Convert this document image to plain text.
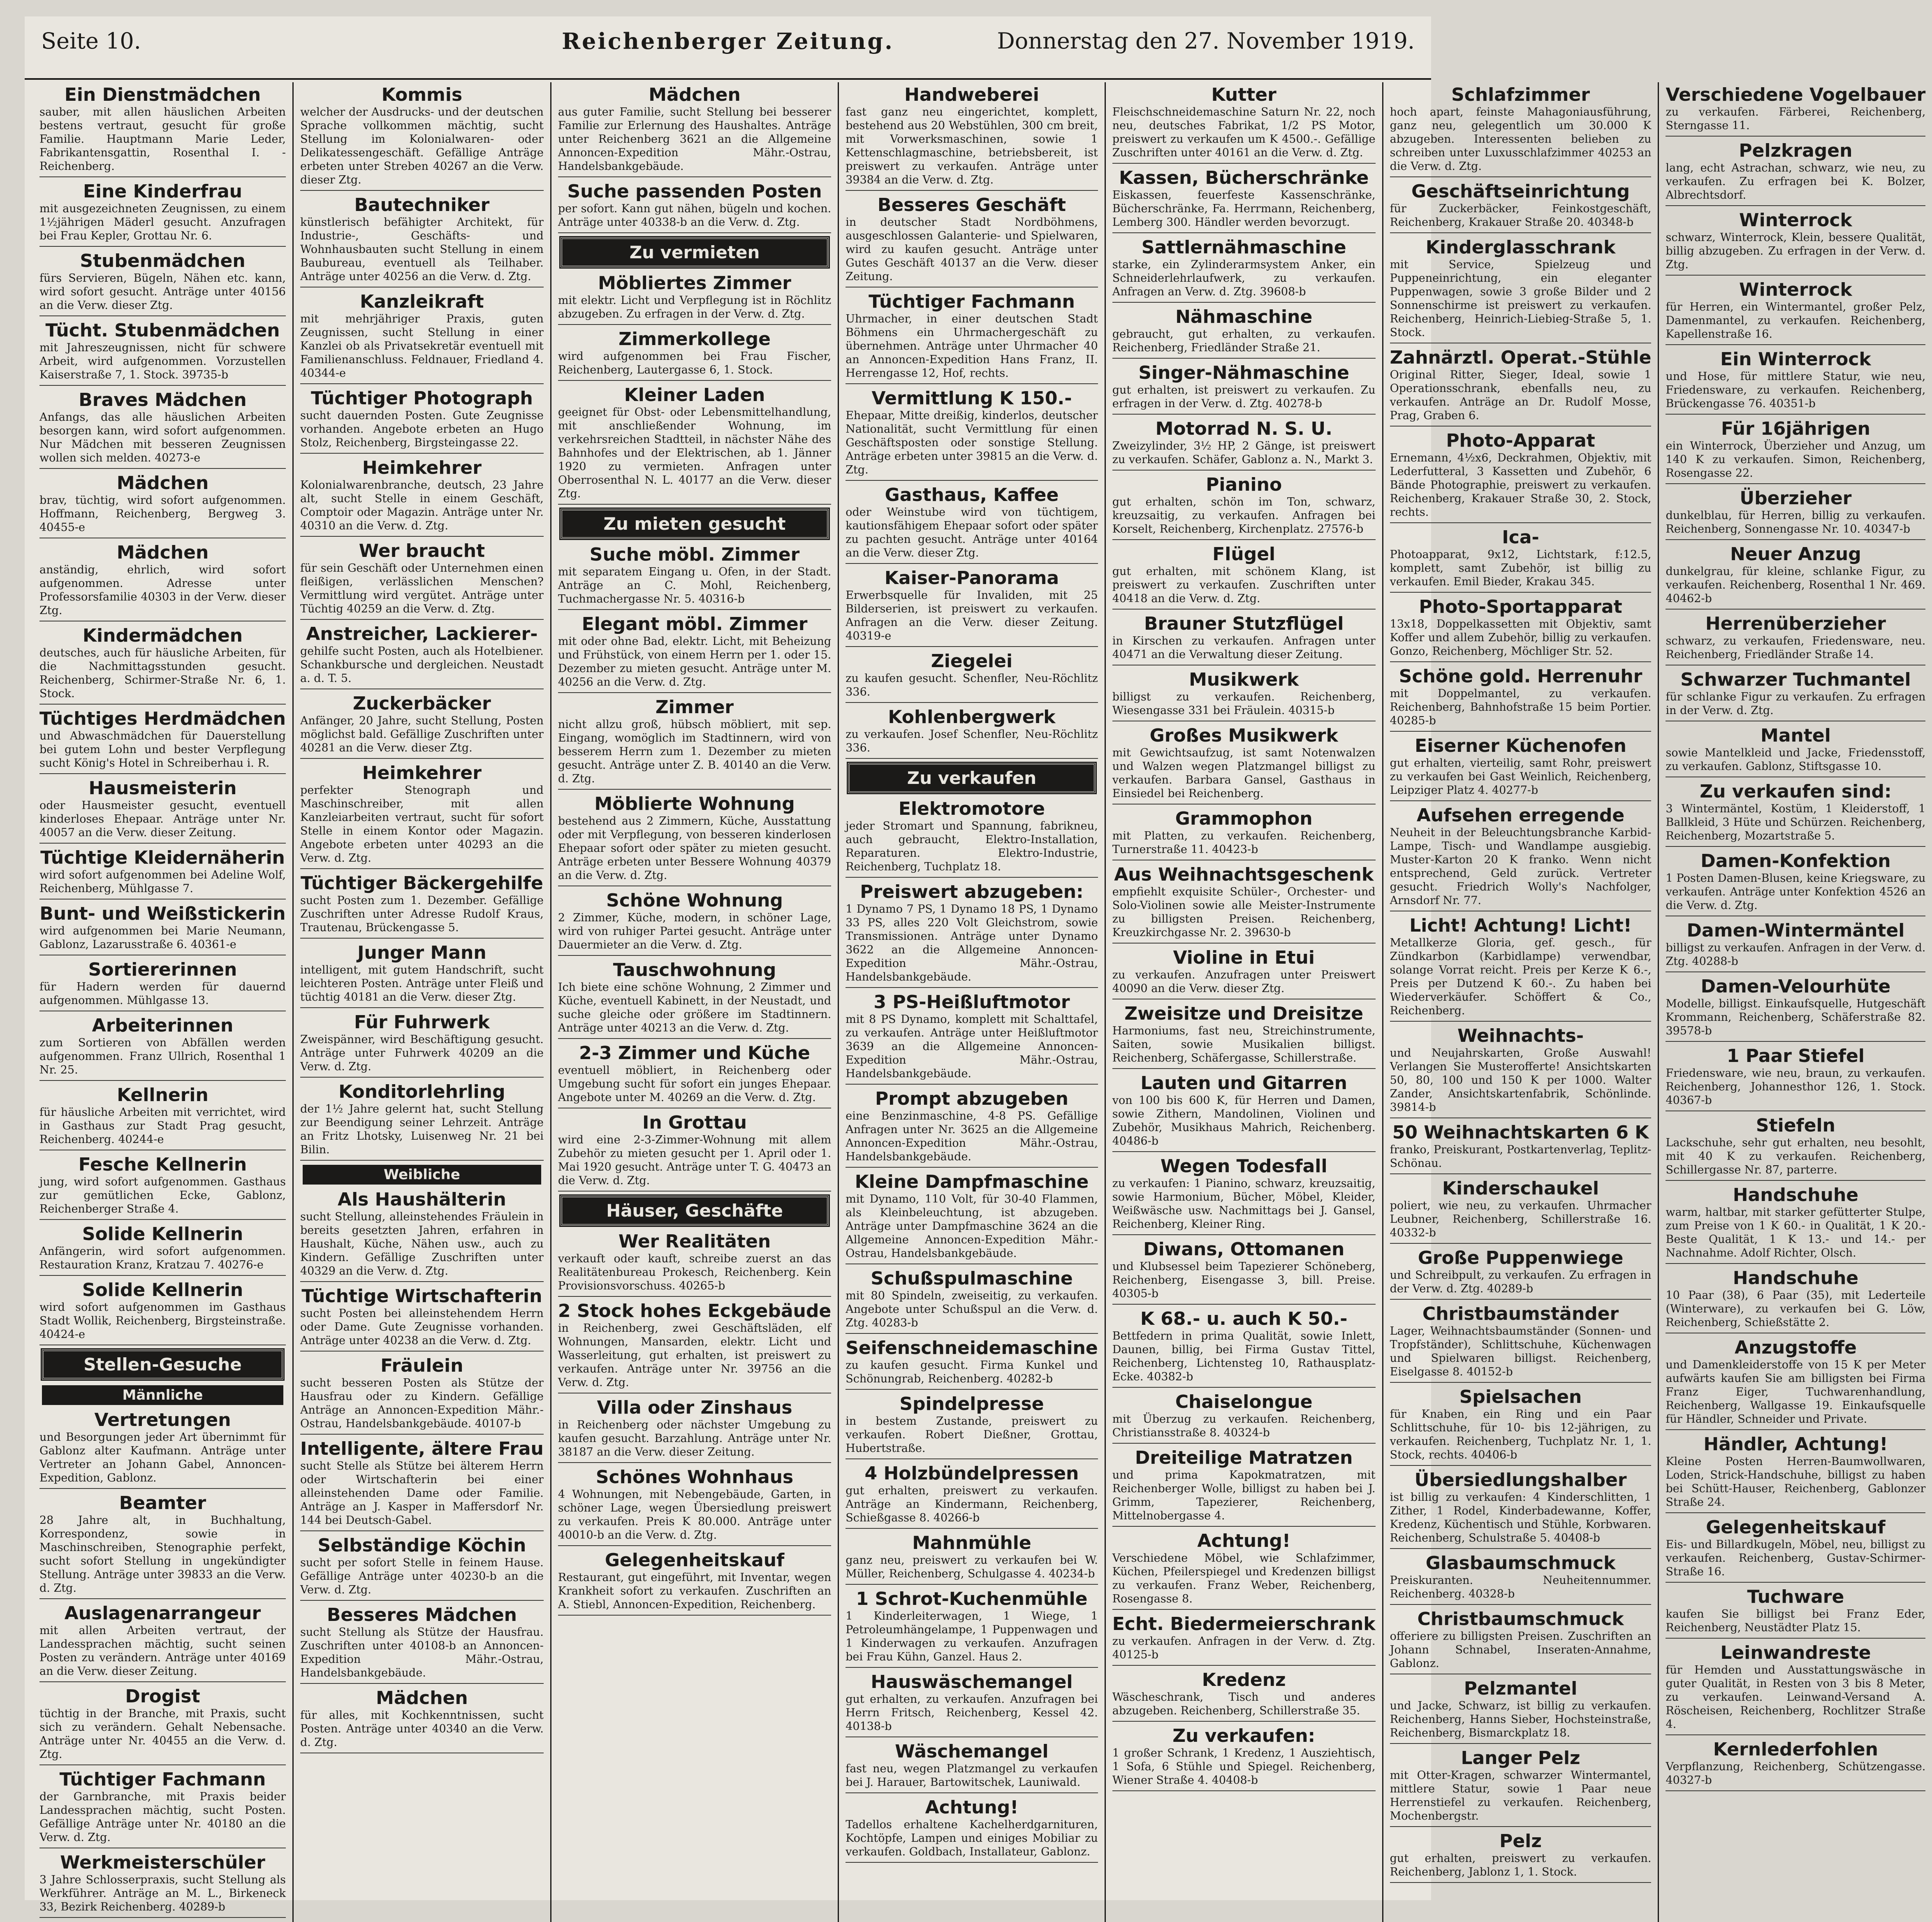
Seite 10.	Reichenberger Zeitung.	Donnerstag den 27. November 1919.
Ein Dienstmädchen
sauber, mit allen häuslichen Arbeiten bestens vertraut, gesucht für große Familie. Hauptmann Marie Leder, Fabrikantensgattin, Rosenthal I. - Reichenberg.
Eine Kinderfrau
mit ausgezeichneten Zeugnissen, zu einem 1½jährigen Mäderl gesucht. Anzufragen bei Frau Kepler, Grottau Nr. 6.
Stubenmädchen
fürs Servieren, Bügeln, Nähen etc. kann, wird sofort gesucht. Anträge unter 40156 an die Verw. dieser Ztg.
Tücht. Stubenmädchen
mit Jahreszeugnissen, nicht für schwere Arbeit, wird aufgenommen. Vorzustellen Kaiserstraße 7, 1. Stock. 39735-b
Braves Mädchen
Anfangs, das alle häuslichen Arbeiten besorgen kann, wird sofort aufgenommen. Nur Mädchen mit besseren Zeugnissen wollen sich melden. 40273-e
Mädchen
brav, tüchtig, wird sofort aufgenommen. Hoffmann, Reichenberg, Bergweg 3. 40455-e
Mädchen
anständig, ehrlich, wird sofort aufgenommen. Adresse unter Professorsfamilie 40303 in der Verw. dieser Ztg.
Kindermädchen
deutsches, auch für häusliche Arbeiten, für die Nachmittagsstunden gesucht. Reichenberg, Schirmer-Straße Nr. 6, 1. Stock.
Tüchtiges Herdmädchen
und Abwaschmädchen für Dauerstellung bei gutem Lohn und bester Verpflegung sucht König's Hotel in Schreiberhau i. R.
Hausmeisterin
oder Hausmeister gesucht, eventuell kinderloses Ehepaar. Anträge unter Nr. 40057 an die Verw. dieser Zeitung.
Tüchtige Kleidernäherin
wird sofort aufgenommen bei Adeline Wolf, Reichenberg, Mühlgasse 7.
Bunt- und Weißstickerin
wird aufgenommen bei Marie Neumann, Gablonz, Lazarusstraße 6. 40361-e
Sortiererinnen
für Hadern werden für dauernd aufgenommen. Mühlgasse 13.
Arbeiterinnen
zum Sortieren von Abfällen werden aufgenommen. Franz Ullrich, Rosenthal 1 Nr. 25.
Kellnerin
für häusliche Arbeiten mit verrichtet, wird in Gasthaus zur Stadt Prag gesucht, Reichenberg. 40244-e
Fesche Kellnerin
jung, wird sofort aufgenommen. Gasthaus zur gemütlichen Ecke, Gablonz, Reichenberger Straße 4.
Solide Kellnerin
Anfängerin, wird sofort aufgenommen. Restauration Kranz, Kratzau 7. 40276-e
Solide Kellnerin
wird sofort aufgenommen im Gasthaus Stadt Wollik, Reichenberg, Birgsteinstraße. 40424-e
Stellen-Gesuche
Männliche
Vertretungen
und Besorgungen jeder Art übernimmt für Gablonz alter Kaufmann. Anträge unter Vertreter an Johann Gabel, Annoncen-Expedition, Gablonz.
Beamter
28 Jahre alt, in Buchhaltung, Korrespondenz, sowie in Maschinschreiben, Stenographie perfekt, sucht sofort Stellung in ungekündigter Stellung. Anträge unter 39833 an die Verw. d. Ztg.
Auslagenarrangeur
mit allen Arbeiten vertraut, der Landessprachen mächtig, sucht seinen Posten zu verändern. Anträge unter 40169 an die Verw. dieser Zeitung.
Drogist
tüchtig in der Branche, mit Praxis, sucht sich zu verändern. Gehalt Nebensache. Anträge unter Nr. 40455 an die Verw. d. Ztg.
Tüchtiger Fachmann
der Garnbranche, mit Praxis beider Landessprachen mächtig, sucht Posten. Gefällige Anträge unter Nr. 40180 an die Verw. d. Ztg.
Werkmeisterschüler
3 Jahre Schlosserpraxis, sucht Stellung als Werkführer. Anträge an M. L., Birkeneck 33, Bezirk Reichenberg. 40289-b
Kommis
welcher der Ausdrucks- und der deutschen Sprache vollkommen mächtig, sucht Stellung im Kolonialwaren- oder Delikatessengeschäft. Gefällige Anträge erbeten unter Streben 40267 an die Verw. dieser Ztg.
Bautechniker
künstlerisch befähigter Architekt, für Industrie-, Geschäfts- und Wohnhausbauten sucht Stellung in einem Baubureau, eventuell als Teilhaber. Anträge unter 40256 an die Verw. d. Ztg.
Kanzleikraft
mit mehrjähriger Praxis, guten Zeugnissen, sucht Stellung in einer Kanzlei ob als Privatsekretär eventuell mit Familienanschluss. Feldnauer, Friedland 4. 40344-e
Tüchtiger Photograph
sucht dauernden Posten. Gute Zeugnisse vorhanden. Angebote erbeten an Hugo Stolz, Reichenberg, Birgsteingasse 22.
Heimkehrer
Kolonialwarenbranche, deutsch, 23 Jahre alt, sucht Stelle in einem Geschäft, Comptoir oder Magazin. Anträge unter Nr. 40310 an die Verw. d. Ztg.
Wer braucht
für sein Geschäft oder Unternehmen einen fleißigen, verlässlichen Menschen? Vermittlung wird vergütet. Anträge unter Tüchtig 40259 an die Verw. d. Ztg.
Anstreicher, Lackierer-
gehilfe sucht Posten, auch als Hotelbiener. Schankbursche und dergleichen. Neustadt a. d. T. 5.
Zuckerbäcker
Anfänger, 20 Jahre, sucht Stellung, Posten möglichst bald. Gefällige Zuschriften unter 40281 an die Verw. dieser Ztg.
Heimkehrer
perfekter Stenograph und Maschinschreiber, mit allen Kanzleiarbeiten vertraut, sucht für sofort Stelle in einem Kontor oder Magazin. Angebote erbeten unter 40293 an die Verw. d. Ztg.
Tüchtiger Bäckergehilfe
sucht Posten zum 1. Dezember. Gefällige Zuschriften unter Adresse Rudolf Kraus, Trautenau, Brückengasse 5.
Junger Mann
intelligent, mit gutem Handschrift, sucht leichteren Posten. Anträge unter Fleiß und tüchtig 40181 an die Verw. dieser Ztg.
Für Fuhrwerk
Zweispänner, wird Beschäftigung gesucht. Anträge unter Fuhrwerk 40209 an die Verw. d. Ztg.
Konditorlehrling
der 1½ Jahre gelernt hat, sucht Stellung zur Beendigung seiner Lehrzeit. Anträge an Fritz Lhotsky, Luisenweg Nr. 21 bei Bilin.
Weibliche
Als Haushälterin
sucht Stellung, alleinstehendes Fräulein in bereits gesetzten Jahren, erfahren in Haushalt, Küche, Nähen usw., auch zu Kindern. Gefällige Zuschriften unter 40329 an die Verw. d. Ztg.
Tüchtige Wirtschafterin
sucht Posten bei alleinstehendem Herrn oder Dame. Gute Zeugnisse vorhanden. Anträge unter 40238 an die Verw. d. Ztg.
Fräulein
sucht besseren Posten als Stütze der Hausfrau oder zu Kindern. Gefällige Anträge an Annoncen-Expedition Mähr.-Ostrau, Handelsbankgebäude. 40107-b
Intelligente, ältere Frau
sucht Stelle als Stütze bei älterem Herrn oder Wirtschafterin bei einer alleinstehenden Dame oder Familie. Anträge an J. Kasper in Maffersdorf Nr. 144 bei Deutsch-Gabel.
Selbständige Köchin
sucht per sofort Stelle in feinem Hause. Gefällige Anträge unter 40230-b an die Verw. d. Ztg.
Besseres Mädchen
sucht Stellung als Stütze der Hausfrau. Zuschriften unter 40108-b an Annoncen-Expedition Mähr.-Ostrau, Handelsbankgebäude.
Mädchen
für alles, mit Kochkenntnissen, sucht Posten. Anträge unter 40340 an die Verw. d. Ztg.
Mädchen
aus guter Familie, sucht Stellung bei besserer Familie zur Erlernung des Haushaltes. Anträge unter Reichenberg 3621 an die Allgemeine Annoncen-Expedition Mähr.-Ostrau, Handelsbankgebäude.
Suche passenden Posten
per sofort. Kann gut nähen, bügeln und kochen. Anträge unter 40338-b an die Verw. d. Ztg.
Zu vermieten
Möbliertes Zimmer
mit elektr. Licht und Verpflegung ist in Röchlitz abzugeben. Zu erfragen in der Verw. d. Ztg.
Zimmerkollege
wird aufgenommen bei Frau Fischer, Reichenberg, Lautergasse 6, 1. Stock.
Kleiner Laden
geeignet für Obst- oder Lebensmittelhandlung, mit anschließender Wohnung, im verkehrsreichen Stadtteil, in nächster Nähe des Bahnhofes und der Elektrischen, ab 1. Jänner 1920 zu vermieten. Anfragen unter Oberrosenthal N. L. 40177 an die Verw. dieser Ztg.
Zu mieten gesucht
Suche möbl. Zimmer
mit separatem Eingang u. Ofen, in der Stadt. Anträge an C. Mohl, Reichenberg, Tuchmachergasse Nr. 5. 40316-b
Elegant möbl. Zimmer
mit oder ohne Bad, elektr. Licht, mit Beheizung und Frühstück, von einem Herrn per 1. oder 15. Dezember zu mieten gesucht. Anträge unter M. 40256 an die Verw. d. Ztg.
Zimmer
nicht allzu groß, hübsch möbliert, mit sep. Eingang, womöglich im Stadtinnern, wird von besserem Herrn zum 1. Dezember zu mieten gesucht. Anträge unter Z. B. 40140 an die Verw. d. Ztg.
Möblierte Wohnung
bestehend aus 2 Zimmern, Küche, Ausstattung oder mit Verpflegung, von besseren kinderlosen Ehepaar sofort oder später zu mieten gesucht. Anträge erbeten unter Bessere Wohnung 40379 an die Verw. d. Ztg.
Schöne Wohnung
2 Zimmer, Küche, modern, in schöner Lage, wird von ruhiger Partei gesucht. Anträge unter Dauermieter an die Verw. d. Ztg.
Tauschwohnung
Ich biete eine schöne Wohnung, 2 Zimmer und Küche, eventuell Kabinett, in der Neustadt, und suche gleiche oder größere im Stadtinnern. Anträge unter 40213 an die Verw. d. Ztg.
2-3 Zimmer und Küche
eventuell möbliert, in Reichenberg oder Umgebung sucht für sofort ein junges Ehepaar. Angebote unter M. 40269 an die Verw. d. Ztg.
In Grottau
wird eine 2-3-Zimmer-Wohnung mit allem Zubehör zu mieten gesucht per 1. April oder 1. Mai 1920 gesucht. Anträge unter T. G. 40473 an die Verw. d. Ztg.
Häuser, Geschäfte
Wer Realitäten
verkauft oder kauft, schreibe zuerst an das Realitätenbureau Prokesch, Reichenberg. Kein Provisionsvorschuss. 40265-b
2 Stock hohes Eckgebäude
in Reichenberg, zwei Geschäftsläden, elf Wohnungen, Mansarden, elektr. Licht und Wasserleitung, gut erhalten, ist preiswert zu verkaufen. Anträge unter Nr. 39756 an die Verw. d. Ztg.
Villa oder Zinshaus
in Reichenberg oder nächster Umgebung zu kaufen gesucht. Barzahlung. Anträge unter Nr. 38187 an die Verw. dieser Zeitung.
Schönes Wohnhaus
4 Wohnungen, mit Nebengebäude, Garten, in schöner Lage, wegen Übersiedlung preiswert zu verkaufen. Preis K 80.000. Anträge unter 40010-b an die Verw. d. Ztg.
Gelegenheitskauf
Restaurant, gut eingeführt, mit Inventar, wegen Krankheit sofort zu verkaufen. Zuschriften an A. Stiebl, Annoncen-Expedition, Reichenberg.
Handweberei
fast ganz neu eingerichtet, komplett, bestehend aus 20 Webstühlen, 300 cm breit, mit Vorwerksmaschinen, sowie 1 Kettenschlagmaschine, betriebsbereit, ist preiswert zu verkaufen. Anträge unter 39384 an die Verw. d. Ztg.
Besseres Geschäft
in deutscher Stadt Nordböhmens, ausgeschlossen Galanterie- und Spielwaren, wird zu kaufen gesucht. Anträge unter Gutes Geschäft 40137 an die Verw. dieser Zeitung.
Tüchtiger Fachmann
Uhrmacher, in einer deutschen Stadt Böhmens ein Uhrmachergeschäft zu übernehmen. Anträge unter Uhrmacher 40 an Annoncen-Expedition Hans Franz, II. Herrengasse 12, Hof, rechts.
Vermittlung K 150.-
Ehepaar, Mitte dreißig, kinderlos, deutscher Nationalität, sucht Vermittlung für einen Geschäftsposten oder sonstige Stellung. Anträge erbeten unter 39815 an die Verw. d. Ztg.
Gasthaus, Kaffee
oder Weinstube wird von tüchtigem, kautionsfähigem Ehepaar sofort oder später zu pachten gesucht. Anträge unter 40164 an die Verw. dieser Ztg.
Kaiser-Panorama
Erwerbsquelle für Invaliden, mit 25 Bilderserien, ist preiswert zu verkaufen. Anfragen an die Verw. dieser Zeitung. 40319-e
Ziegelei
zu kaufen gesucht. Schenfler, Neu-Röchlitz 336.
Kohlenbergwerk
zu verkaufen. Josef Schenfler, Neu-Röchlitz 336.
Zu verkaufen
Elektromotore
jeder Stromart und Spannung, fabrikneu, auch gebraucht, Elektro-Installation, Reparaturen. Elektro-Industrie, Reichenberg, Tuchplatz 18.
Preiswert abzugeben:
1 Dynamo 7 PS, 1 Dynamo 18 PS, 1 Dynamo 33 PS, alles 220 Volt Gleichstrom, sowie Transmissionen. Anträge unter Dynamo 3622 an die Allgemeine Annoncen-Expedition Mähr.-Ostrau, Handelsbankgebäude.
3 PS-Heißluftmotor
mit 8 PS Dynamo, komplett mit Schalttafel, zu verkaufen. Anträge unter Heißluftmotor 3639 an die Allgemeine Annoncen-Expedition Mähr.-Ostrau, Handelsbankgebäude.
Prompt abzugeben
eine Benzinmaschine, 4-8 PS. Gefällige Anfragen unter Nr. 3625 an die Allgemeine Annoncen-Expedition Mähr.-Ostrau, Handelsbankgebäude.
Kleine Dampfmaschine
mit Dynamo, 110 Volt, für 30-40 Flammen, als Kleinbeleuchtung, ist abzugeben. Anträge unter Dampfmaschine 3624 an die Allgemeine Annoncen-Expedition Mähr.-Ostrau, Handelsbankgebäude.
Schußspulmaschine
mit 80 Spindeln, zweiseitig, zu verkaufen. Angebote unter Schußspul an die Verw. d. Ztg. 40283-b
Seifenschneidemaschine
zu kaufen gesucht. Firma Kunkel und Schönungrab, Reichenberg. 40282-b
Spindelpresse
in bestem Zustande, preiswert zu verkaufen. Robert Dießner, Grottau, Hubertstraße.
4 Holzbündelpressen
gut erhalten, preiswert zu verkaufen. Anträge an Kindermann, Reichenberg, Schießgasse 8. 40266-b
Mahnmühle
ganz neu, preiswert zu verkaufen bei W. Müller, Reichenberg, Schulgasse 4. 40234-b
1 Schrot-Kuchenmühle
1 Kinderleiterwagen, 1 Wiege, 1 Petroleumhängelampe, 1 Puppenwagen und 1 Kinderwagen zu verkaufen. Anzufragen bei Frau Kühn, Ganzel. Haus 2.
Hauswäschemangel
gut erhalten, zu verkaufen. Anzufragen bei Herrn Fritsch, Reichenberg, Kessel 42. 40138-b
Wäschemangel
fast neu, wegen Platzmangel zu verkaufen bei J. Harauer, Bartowitschek, Launiwald.
Achtung!
Tadellos erhaltene Kachelherdgarnituren, Kochtöpfe, Lampen und einiges Mobiliar zu verkaufen. Goldbach, Installateur, Gablonz.
Kutter
Fleischschneidemaschine Saturn Nr. 22, noch neu, deutsches Fabrikat, 1/2 PS Motor, preiswert zu verkaufen um K 4500.-. Gefällige Zuschriften unter 40161 an die Verw. d. Ztg.
Kassen, Bücherschränke
Eiskassen, feuerfeste Kassenschränke, Bücherschränke, Fa. Herrmann, Reichenberg, Lemberg 300. Händler werden bevorzugt.
Sattlernähmaschine
starke, ein Zylinderarmsystem Anker, ein Schneiderlehrlaufwerk, zu verkaufen. Anfragen an Verw. d. Ztg. 39608-b
Nähmaschine
gebraucht, gut erhalten, zu verkaufen. Reichenberg, Friedländer Straße 21.
Singer-Nähmaschine
gut erhalten, ist preiswert zu verkaufen. Zu erfragen in der Verw. d. Ztg. 40278-b
Motorrad N. S. U.
Zweizylinder, 3½ HP, 2 Gänge, ist preiswert zu verkaufen. Schäfer, Gablonz a. N., Markt 3.
Pianino
gut erhalten, schön im Ton, schwarz, kreuzsaitig, zu verkaufen. Anfragen bei Korselt, Reichenberg, Kirchenplatz. 27576-b
Flügel
gut erhalten, mit schönem Klang, ist preiswert zu verkaufen. Zuschriften unter 40418 an die Verw. d. Ztg.
Brauner Stutzflügel
in Kirschen zu verkaufen. Anfragen unter 40471 an die Verwaltung dieser Zeitung.
Musikwerk
billigst zu verkaufen. Reichenberg, Wiesengasse 331 bei Fräulein. 40315-b
Großes Musikwerk
mit Gewichtsaufzug, ist samt Notenwalzen und Walzen wegen Platzmangel billigst zu verkaufen. Barbara Gansel, Gasthaus in Einsiedel bei Reichenberg.
Grammophon
mit Platten, zu verkaufen. Reichenberg, Turnerstraße 11. 40423-b
Aus Weihnachtsgeschenk
empfiehlt exquisite Schüler-, Orchester- und Solo-Violinen sowie alle Meister-Instrumente zu billigsten Preisen. Reichenberg, Kreuzkirchgasse Nr. 2. 39630-b
Violine in Etui
zu verkaufen. Anzufragen unter Preiswert 40090 an die Verw. dieser Ztg.
Zweisitze und Dreisitze
Harmoniums, fast neu, Streichinstrumente, Saiten, sowie Musikalien billigst. Reichenberg, Schäfergasse, Schillerstraße.
Lauten und Gitarren
von 100 bis 600 K, für Herren und Damen, sowie Zithern, Mandolinen, Violinen und Zubehör, Musikhaus Mahrich, Reichenberg. 40486-b
Wegen Todesfall
zu verkaufen: 1 Pianino, schwarz, kreuzsaitig, sowie Harmonium, Bücher, Möbel, Kleider, Weißwäsche usw. Nachmittags bei J. Gansel, Reichenberg, Kleiner Ring.
Diwans, Ottomanen
und Klubsessel beim Tapezierer Schöneberg, Reichenberg, Eisengasse 3, bill. Preise. 40305-b
K 68.- u. auch K 50.-
Bettfedern in prima Qualität, sowie Inlett, Daunen, billig, bei Firma Gustav Tittel, Reichenberg, Lichtensteg 10, Rathausplatz-Ecke. 40382-b
Chaiselongue
mit Überzug zu verkaufen. Reichenberg, Christiansstraße 8. 40324-b
Dreiteilige Matratzen
und prima Kapokmatratzen, mit Reichenberger Wolle, billigst zu haben bei J. Grimm, Tapezierer, Reichenberg, Mittelnobergasse 4.
Achtung!
Verschiedene Möbel, wie Schlafzimmer, Küchen, Pfeilerspiegel und Kredenzen billigst zu verkaufen. Franz Weber, Reichenberg, Rosengasse 8.
Echt. Biedermeierschrank
zu verkaufen. Anfragen in der Verw. d. Ztg. 40125-b
Kredenz
Wäscheschrank, Tisch und anderes abzugeben. Reichenberg, Schillerstraße 35.
Zu verkaufen:
1 großer Schrank, 1 Kredenz, 1 Ausziehtisch, 1 Sofa, 6 Stühle und Spiegel. Reichenberg, Wiener Straße 4. 40408-b
Schlafzimmer
hoch apart, feinste Mahagoniausführung, ganz neu, gelegentlich um 30.000 K abzugeben. Interessenten belieben zu schreiben unter Luxusschlafzimmer 40253 an die Verw. d. Ztg.
Geschäftseinrichtung
für Zuckerbäcker, Feinkostgeschäft, Reichenberg, Krakauer Straße 20. 40348-b
Kinderglasschrank
mit Service, Spielzeug und Puppeneinrichtung, ein eleganter Puppenwagen, sowie 3 große Bilder und 2 Sonnenschirme ist preiswert zu verkaufen. Reichenberg, Heinrich-Liebieg-Straße 5, 1. Stock.
Zahnärztl. Operat.-Stühle
Original Ritter, Sieger, Ideal, sowie 1 Operationsschrank, ebenfalls neu, zu verkaufen. Anträge an Dr. Rudolf Mosse, Prag, Graben 6.
Photo-Apparat
Ernemann, 4½x6, Deckrahmen, Objektiv, mit Lederfutteral, 3 Kassetten und Zubehör, 6 Bände Photographie, preiswert zu verkaufen. Reichenberg, Krakauer Straße 30, 2. Stock, rechts.
Ica-
Photoapparat, 9x12, Lichtstark, f:12.5, komplett, samt Zubehör, ist billig zu verkaufen. Emil Bieder, Krakau 345.
Photo-Sportapparat
13x18, Doppelkassetten mit Objektiv, samt Koffer und allem Zubehör, billig zu verkaufen. Gonzo, Reichenberg, Möchliger Str. 52.
Schöne gold. Herrenuhr
mit Doppelmantel, zu verkaufen. Reichenberg, Bahnhofstraße 15 beim Portier. 40285-b
Eiserner Küchenofen
gut erhalten, vierteilig, samt Rohr, preiswert zu verkaufen bei Gast Weinlich, Reichenberg, Leipziger Platz 4. 40277-b
Aufsehen erregende
Neuheit in der Beleuchtungsbranche Karbid-Lampe, Tisch- und Wandlampe ausgiebig. Muster-Karton 20 K franko. Wenn nicht entsprechend, Geld zurück. Vertreter gesucht. Friedrich Wolly's Nachfolger, Arnsdorf Nr. 77.
Licht! Achtung! Licht!
Metallkerze Gloria, gef. gesch., für Zündkarbon (Karbidlampe) verwendbar, solange Vorrat reicht. Preis per Kerze K 6.-, Preis per Dutzend K 60.-. Zu haben bei Wiederverkäufer. Schöffert & Co., Reichenberg.
Weihnachts-
und Neujahrskarten, Große Auswahl! Verlangen Sie Musterofferte! Ansichtskarten 50, 80, 100 und 150 K per 1000. Walter Zander, Ansichtskartenfabrik, Schönlinde. 39814-b
50 Weihnachtskarten 6 K
franko, Preiskurant, Postkartenverlag, Teplitz-Schönau.
Kinderschaukel
poliert, wie neu, zu verkaufen. Uhrmacher Leubner, Reichenberg, Schillerstraße 16. 40332-b
Große Puppenwiege
und Schreibpult, zu verkaufen. Zu erfragen in der Verw. d. Ztg. 40289-b
Christbaumständer
Lager, Weihnachtsbaumständer (Sonnen- und Tropfständer), Schlittschuhe, Küchenwagen und Spielwaren billigst. Reichenberg, Eiselgasse 8. 40152-b
Spielsachen
für Knaben, ein Ring und ein Paar Schlittschuhe, für 10- bis 12-jährigen, zu verkaufen. Reichenberg, Tuchplatz Nr. 1, 1. Stock, rechts. 40406-b
Übersiedlungshalber
ist billig zu verkaufen: 4 Kinderschlitten, 1 Zither, 1 Rodel, Kinderbadewanne, Koffer, Kredenz, Küchentisch und Stühle, Korbwaren. Reichenberg, Schulstraße 5. 40408-b
Glasbaumschmuck
Preiskuranten. Neuheitennummer. Reichenberg. 40328-b
Christbaumschmuck
offeriere zu billigsten Preisen. Zuschriften an Johann Schnabel, Inseraten-Annahme, Gablonz.
Pelzmantel
und Jacke, Schwarz, ist billig zu verkaufen. Reichenberg, Hanns Sieber, Hochsteinstraße, Reichenberg, Bismarckplatz 18.
Langer Pelz
mit Otter-Kragen, schwarzer Wintermantel, mittlere Statur, sowie 1 Paar neue Herrenstiefel zu verkaufen. Reichenberg, Mochenbergstr.
Pelz
gut erhalten, preiswert zu verkaufen. Reichenberg, Jablonz 1, 1. Stock.
Verschiedene Vogelbauer
zu verkaufen. Färberei, Reichenberg, Sterngasse 11.
Pelzkragen
lang, echt Astrachan, schwarz, wie neu, zu verkaufen. Zu erfragen bei K. Bolzer, Albrechtsdorf.
Winterrock
schwarz, Winterrock, Klein, bessere Qualität, billig abzugeben. Zu erfragen in der Verw. d. Ztg.
Winterrock
für Herren, ein Wintermantel, großer Pelz, Damenmantel, zu verkaufen. Reichenberg, Kapellenstraße 16.
Ein Winterrock
und Hose, für mittlere Statur, wie neu, Friedensware, zu verkaufen. Reichenberg, Brückengasse 76. 40351-b
Für 16jährigen
ein Winterrock, Überzieher und Anzug, um 140 K zu verkaufen. Simon, Reichenberg, Rosengasse 22.
Überzieher
dunkelblau, für Herren, billig zu verkaufen. Reichenberg, Sonnengasse Nr. 10. 40347-b
Neuer Anzug
dunkelgrau, für kleine, schlanke Figur, zu verkaufen. Reichenberg, Rosenthal 1 Nr. 469. 40462-b
Herrenüberzieher
schwarz, zu verkaufen, Friedensware, neu. Reichenberg, Friedländer Straße 14.
Schwarzer Tuchmantel
für schlanke Figur zu verkaufen. Zu erfragen in der Verw. d. Ztg.
Mantel
sowie Mantelkleid und Jacke, Friedensstoff, zu verkaufen. Gablonz, Stiftsgasse 10.
Zu verkaufen sind:
3 Wintermäntel, Kostüm, 1 Kleiderstoff, 1 Ballkleid, 3 Hüte und Schürzen. Reichenberg, Reichenberg, Mozartstraße 5.
Damen-Konfektion
1 Posten Damen-Blusen, keine Kriegsware, zu verkaufen. Anträge unter Konfektion 4526 an die Verw. d. Ztg.
Damen-Wintermäntel
billigst zu verkaufen. Anfragen in der Verw. d. Ztg. 40288-b
Damen-Velourhüte
Modelle, billigst. Einkaufsquelle, Hutgeschäft Krommann, Reichenberg, Schäferstraße 82. 39578-b
1 Paar Stiefel
Friedensware, wie neu, braun, zu verkaufen. Reichenberg, Johannesthor 126, 1. Stock. 40367-b
Stiefeln
Lackschuhe, sehr gut erhalten, neu besohlt, mit 40 K zu verkaufen. Reichenberg, Schillergasse Nr. 87, parterre.
Handschuhe
warm, haltbar, mit starker gefütterter Stulpe, zum Preise von 1 K 60.- in Qualität, 1 K 20.- Beste Qualität, 1 K 13.- und 14.- per Nachnahme. Adolf Richter, Olsch.
Handschuhe
10 Paar (38), 6 Paar (35), mit Lederteile (Winterware), zu verkaufen bei G. Löw, Reichenberg, Schießstätte 2.
Anzugstoffe
und Damenkleiderstoffe von 15 K per Meter aufwärts kaufen Sie am billigsten bei Firma Franz Eiger, Tuchwarenhandlung, Reichenberg, Wallgasse 19. Einkaufsquelle für Händler, Schneider und Private.
Händler, Achtung!
Kleine Posten Herren-Baumwollwaren, Loden, Strick-Handschuhe, billigst zu haben bei Schütt-Hauser, Reichenberg, Gablonzer Straße 24.
Gelegenheitskauf
Eis- und Billardkugeln, Möbel, neu, billigst zu verkaufen. Reichenberg, Gustav-Schirmer-Straße 16.
Tuchware
kaufen Sie billigst bei Franz Eder, Reichenberg, Neustädter Platz 15.
Leinwandreste
für Hemden und Ausstattungswäsche in guter Qualität, in Resten von 3 bis 8 Meter, zu verkaufen. Leinwand-Versand A. Röscheisen, Reichenberg, Rochlitzer Straße 4.
Kernlederfohlen
Verpflanzung, Reichenberg, Schützengasse. 40327-b
